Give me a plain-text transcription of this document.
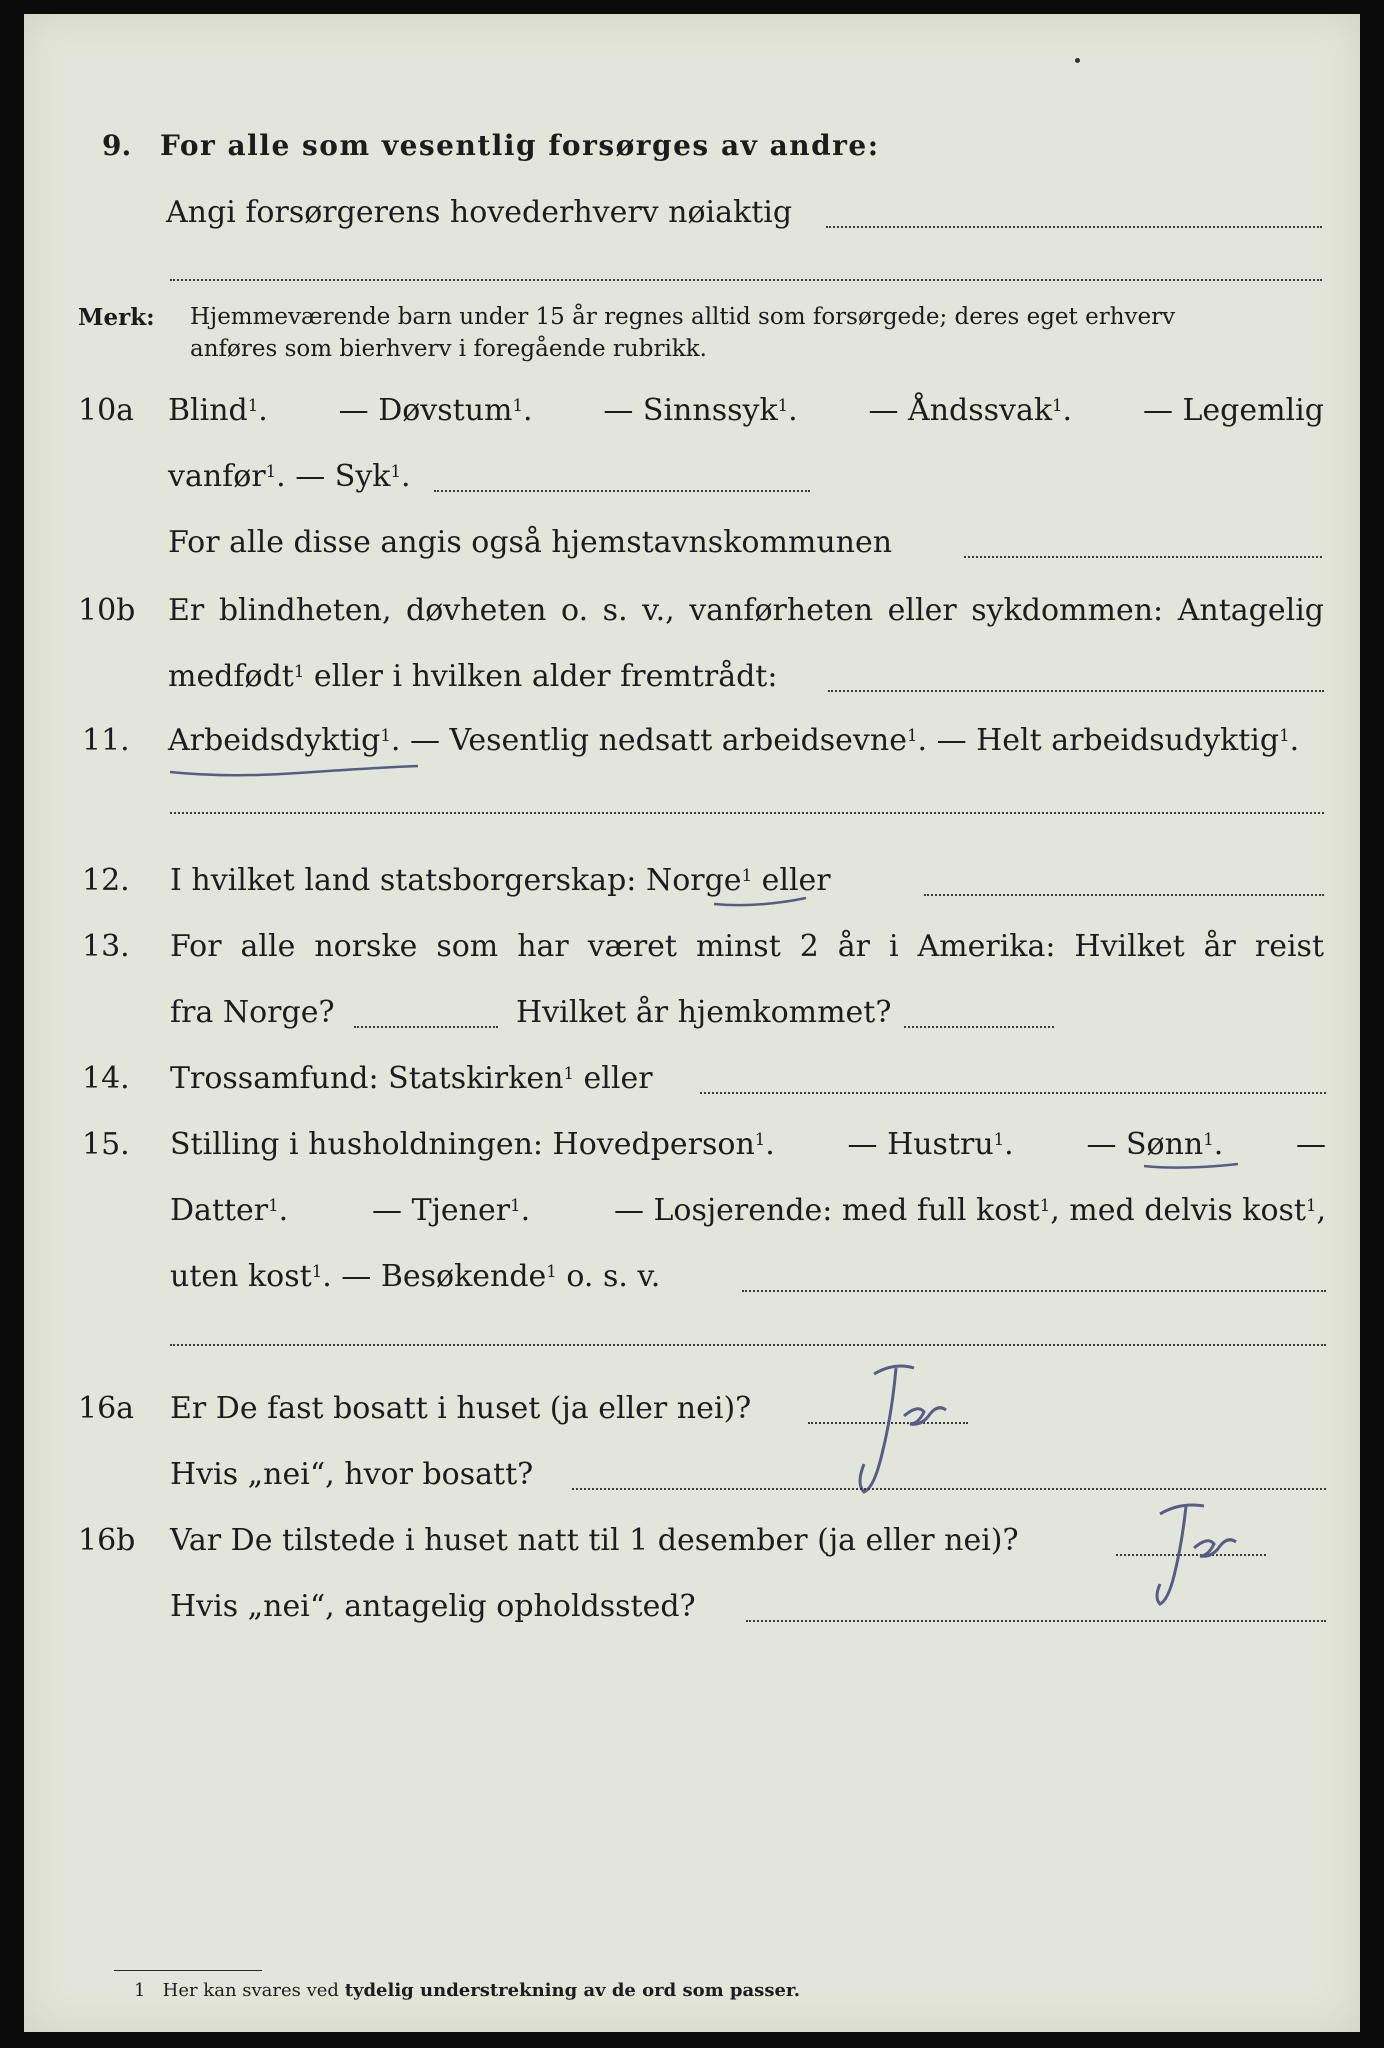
9. For alle som vesentlig forsørges av andre:
Angi forsørgerens hovederhverv nøiaktig
Merk: Hjemmeværende barn under 15 år regnes alltid som forsørgede; deres eget erhverv
anføres som bierhverv i foregående rubrikk.
10a Blind$^1$. — Døvstum$^1$. — Sinnssyk$^1$. — Åndssvak$^1$. — Legemlig
vanfør$^1$. — Syk$^1$.
For alle disse angis også hjemstavnskommunen
10b Er blindheten, døvheten o. s. v., vanførheten eller sykdommen: Antagelig
medfødt$^1$ eller i hvilken alder fremtrådt:
11. Arbeidsdyktig$^1$. — Vesentlig nedsatt arbeidsevne$^1$. — Helt arbeidsudyktig$^1$.
12. I hvilket land statsborgerskap: Norge$^1$ eller
13. For alle norske som har været minst 2 år i Amerika: Hvilket år reist
fra Norge?	Hvilket år hjemkommet?
14. Trossamfund: Statskirken$^1$ eller
15. Stilling i husholdningen: Hovedperson$^1$. — Hustru$^1$. — Sønn$^1$. —
Datter$^1$.	— Tjener$^1$.	— Losjerende: med full kost$^1$, med delvis kost$^1$,
uten kost$^1$. — Besøkende$^1$ o. s. v.
16a Er De fast bosatt i huset (ja eller nei)?
Hvis „nei“, hvor bosatt?
16b Var De tilstede i huset natt til 1 desember (ja eller nei)?
Hvis „nei“, antagelig opholdssted?
1 Her kan svares ved tydelig understrekning av de ord som passer.
